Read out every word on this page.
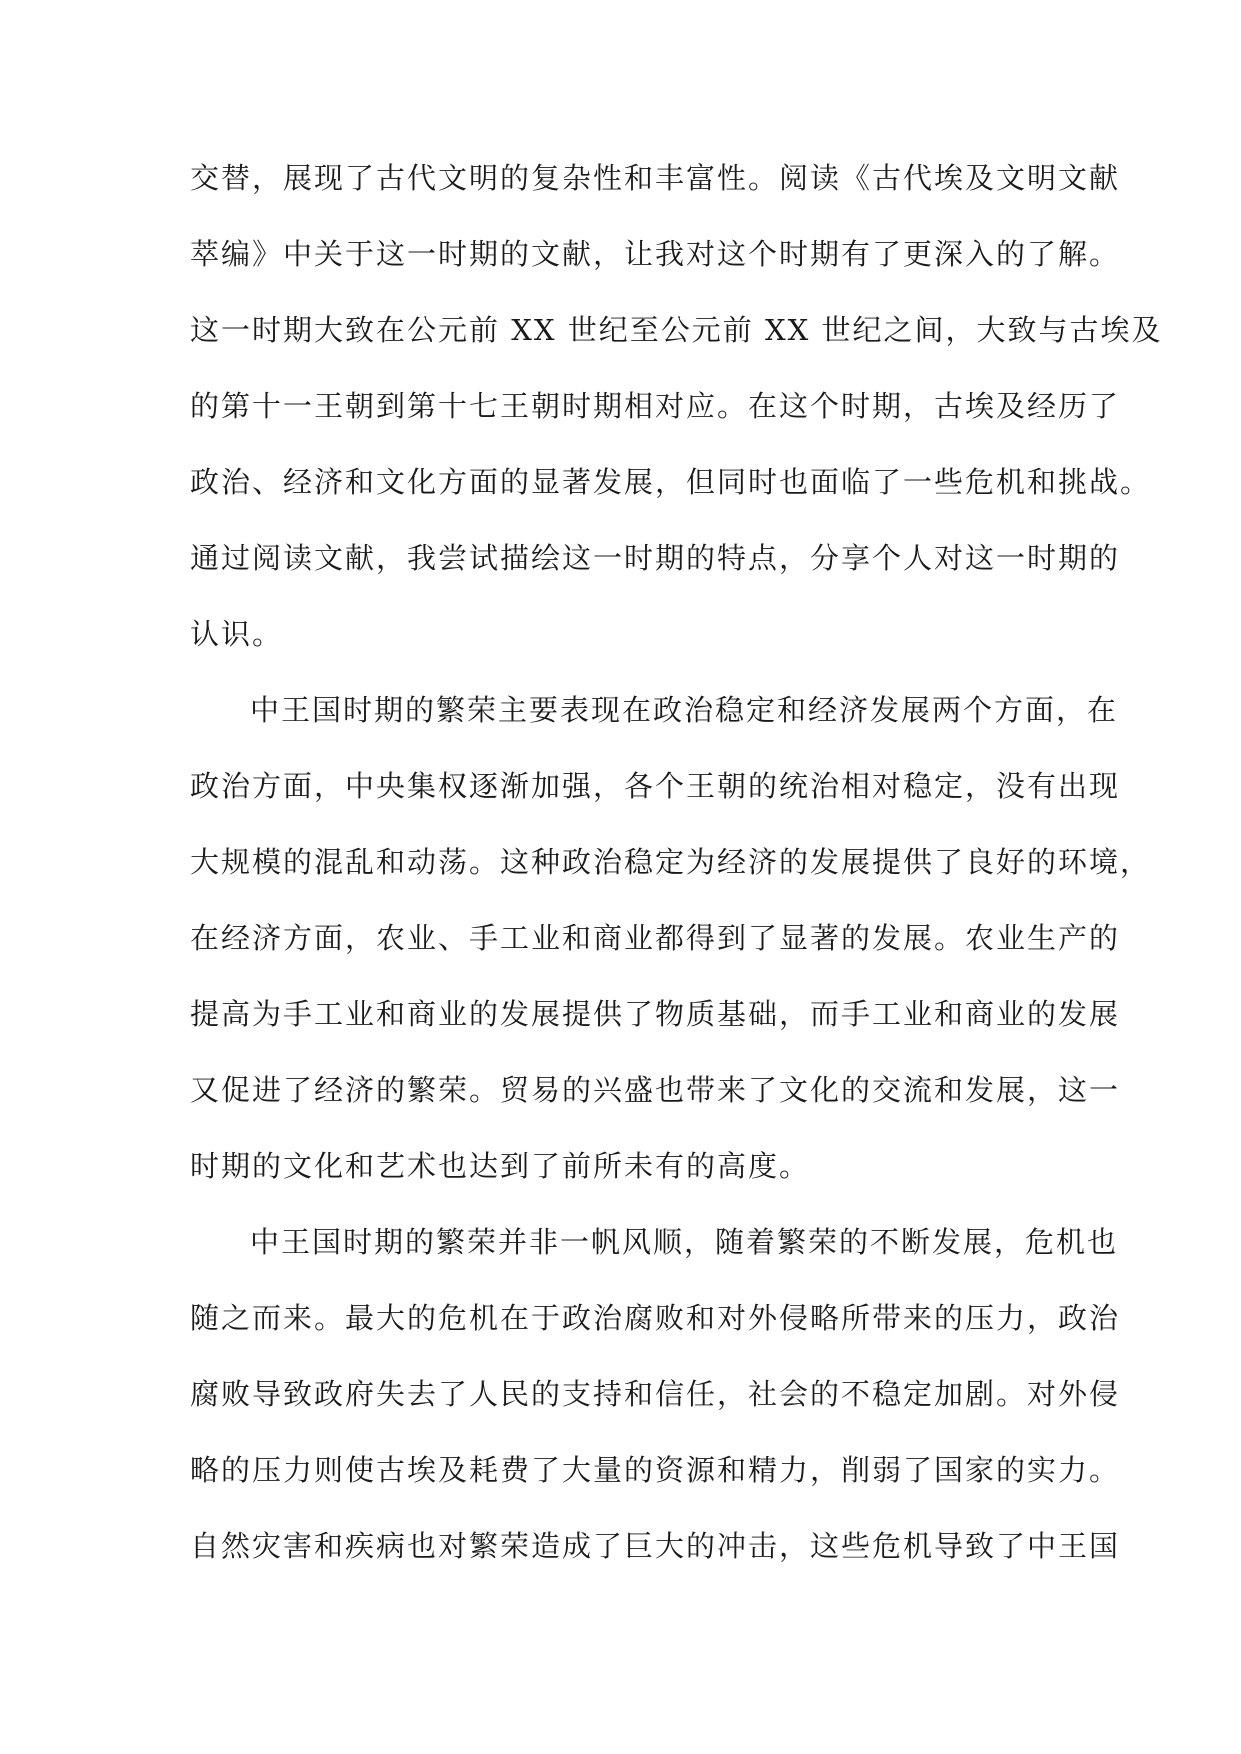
交替，展现了古代文明的复杂性和丰富性。阅读《古代埃及文明文献
萃编》中关于这一时期的文献，让我对这个时期有了更深入的了解。
这一时期大致在公元前 XX 世纪至公元前 XX 世纪之间，大致与古埃及
的第十一王朝到第十七王朝时期相对应。在这个时期，古埃及经历了
政治、经济和文化方面的显著发展，但同时也面临了一些危机和挑战。
通过阅读文献，我尝试描绘这一时期的特点，分享个人对这一时期的
认识。
中王国时期的繁荣主要表现在政治稳定和经济发展两个方面，在
政治方面，中央集权逐渐加强，各个王朝的统治相对稳定，没有出现
大规模的混乱和动荡。这种政治稳定为经济的发展提供了良好的环境，
在经济方面，农业、手工业和商业都得到了显著的发展。农业生产的
提高为手工业和商业的发展提供了物质基础，而手工业和商业的发展
又促进了经济的繁荣。贸易的兴盛也带来了文化的交流和发展，这一
时期的文化和艺术也达到了前所未有的高度。
中王国时期的繁荣并非一帆风顺，随着繁荣的不断发展，危机也
随之而来。最大的危机在于政治腐败和对外侵略所带来的压力，政治
腐败导致政府失去了人民的支持和信任，社会的不稳定加剧。对外侵
略的压力则使古埃及耗费了大量的资源和精力，削弱了国家的实力。
自然灾害和疾病也对繁荣造成了巨大的冲击，这些危机导致了中王国
